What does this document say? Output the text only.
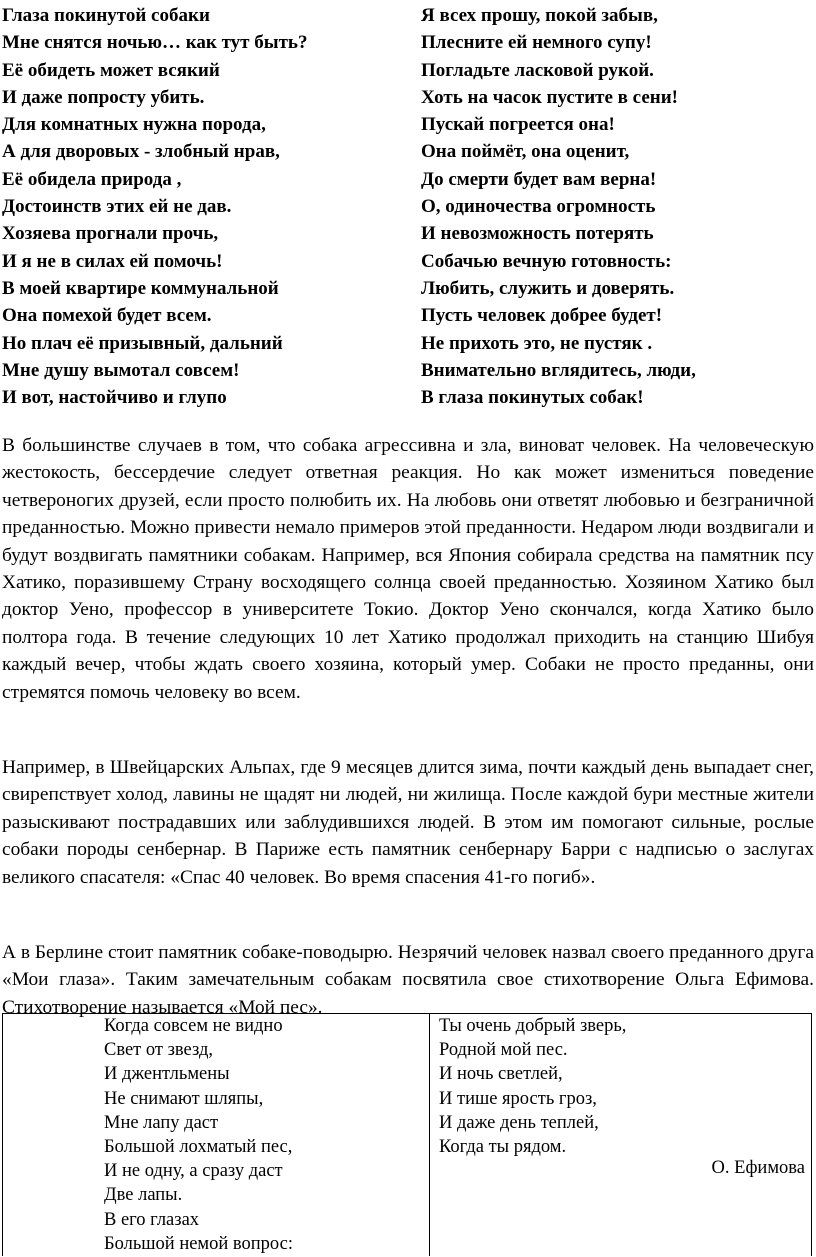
Глаза покинутой собаки
Мне снятся ночью… как тут быть?
Её обидеть может всякий
И даже попросту убить.
Для комнатных нужна порода,
А для дворовых - злобный нрав,
Её обидела природа ,
Достоинств этих ей не дав.
Хозяева прогнали прочь,
И я не в силах ей помочь!
В моей квартире коммунальной
Она помехой будет всем.
Но плач её призывный, дальний
Мне душу вымотал совсем!
И вот, настойчиво и глупо
Я всех прошу, покой забыв,
Плесните ей немного супу!
Погладьте ласковой рукой.
Хоть на часок пустите в сени!
Пускай погреется она!
Она поймёт, она оценит,
До смерти будет вам верна!
О, одиночества огромность
И невозможность потерять
Собачью вечную готовность:
Любить, служить и доверять.
Пусть человек добрее будет!
Не прихоть это, не пустяк .
Внимательно вглядитесь, люди,
В глаза покинутых собак!

В большинстве случаев в том, что собака агрессивна и зла, виноват человек. На человеческую жестокость, бессердечие следует ответная реакция. Но как может измениться поведение четвероногих друзей, если просто полюбить их. На любовь они ответят любовью и безграничной преданностью. Можно привести немало примеров этой преданности. Недаром люди воздвигали и будут воздвигать памятники собакам. Например, вся Япония собирала средства на памятник псу Хатико, поразившему Страну восходящего солнца своей преданностью. Хозяином Хатико был доктор Уено, профессор в университете Токио. Доктор Уено скончался, когда Хатико было полтора года. В течение следующих 10 лет Хатико продолжал приходить на станцию Шибуя каждый вечер, чтобы ждать своего хозяина, который умер. Собаки не просто преданны, они стремятся помочь человеку во всем.

Например, в Швейцарских Альпах, где 9 месяцев длится зима, почти каждый день выпадает снег, свирепствует холод, лавины не щадят ни людей, ни жилища. После каждой бури местные жители разыскивают пострадавших или заблудившихся людей. В этом им помогают сильные, рослые собаки породы сенбернар. В Париже есть памятник сенбернару Барри с надписью о заслугах великого спасателя: «Спас 40 человек. Во время спасения 41-го погиб».

А в Берлине стоит памятник собаке-поводырю. Незрячий человек назвал своего преданного друга «Мои глаза». Таким замечательным собакам посвятила свое стихотворение Ольга Ефимова. Стихотворение называется «Мой пес».

Когда совсем не видно
Свет от звезд,
И джентльмены
Не снимают шляпы,
Мне лапу даст
Большой лохматый пес,
И не одну, а сразу даст
Две лапы.
В его глазах
Большой немой вопрос:
Ты очень добрый зверь,
Родной мой пес.
И ночь светлей,
И тише ярость гроз,
И даже день теплей,
Когда ты рядом.
О. Ефимова
